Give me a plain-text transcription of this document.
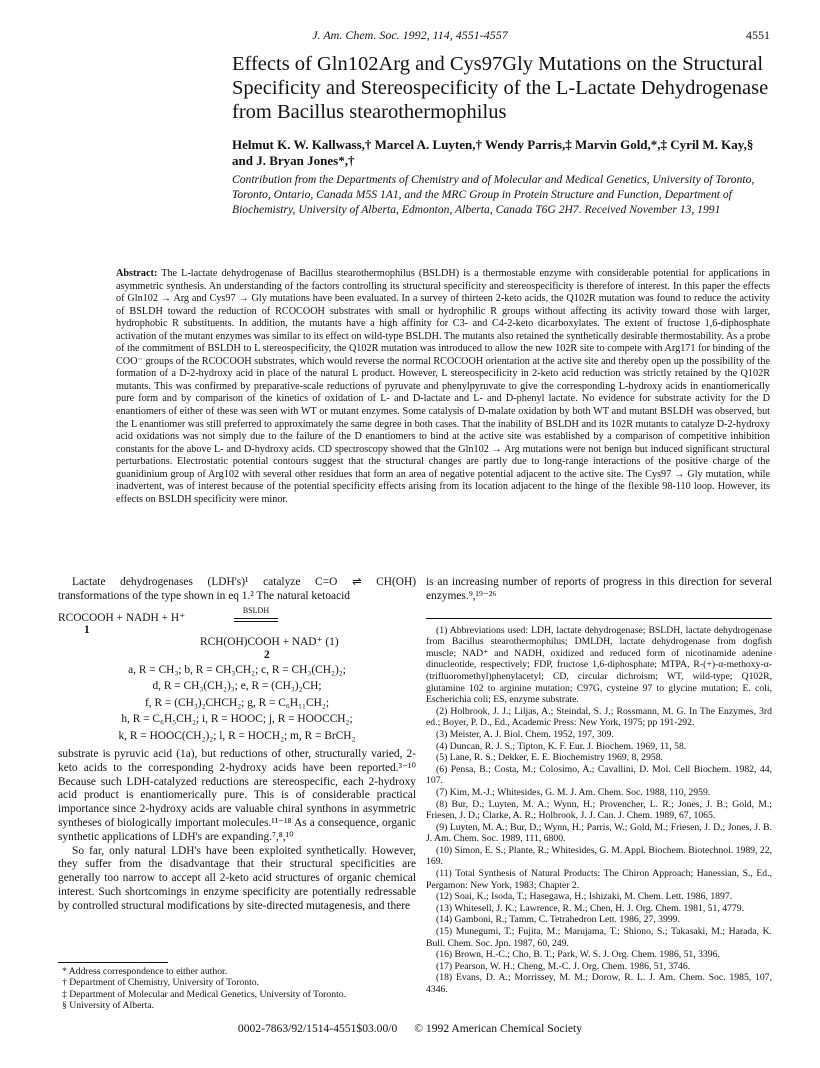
J. Am. Chem. Soc. 1992, 114, 4551-4557	4551
Effects of Gln102Arg and Cys97Gly Mutations on the Structural Specificity and Stereospecificity of the L-Lactate Dehydrogenase from Bacillus stearothermophilus
Helmut K. W. Kallwass,† Marcel A. Luyten,† Wendy Parris,‡ Marvin Gold,*,‡ Cyril M. Kay,§ and J. Bryan Jones*,†
Contribution from the Departments of Chemistry and of Molecular and Medical Genetics, University of Toronto, Toronto, Ontario, Canada M5S 1A1, and the MRC Group in Protein Structure and Function, Department of Biochemistry, University of Alberta, Edmonton, Alberta, Canada T6G 2H7. Received November 13, 1991

Abstract: The L-lactate dehydrogenase of Bacillus stearothermophilus (BSLDH) is a thermostable enzyme with considerable potential for applications in asymmetric synthesis. An understanding of the factors controlling its structural specificity and stereospecificity is therefore of interest. In this paper the effects of Gln102 → Arg and Cys97 → Gly mutations have been evaluated. In a survey of thirteen 2-keto acids, the Q102R mutation was found to reduce the activity of BSLDH toward the reduction of RCOCOOH substrates with small or hydrophilic R groups without affecting its activity toward those with larger, hydrophobic R substituents. In addition, the mutants have a high affinity for C3- and C4-2-keto dicarboxylates. The extent of fructose 1,6-diphosphate activation of the mutant enzymes was similar to its effect on wild-type BSLDH. The mutants also retained the synthetically desirable thermostability. As a probe of the commitment of BSLDH to L stereospecificity, the Q102R mutation was introduced to allow the new 102R site to compete with Arg171 for binding of the COO⁻ groups of the RCOCOOH substrates, which would reverse the normal RCOCOOH orientation at the active site and thereby open up the possibility of the formation of a D-2-hydroxy acid in place of the natural L product. However, L stereospecificity in 2-keto acid reduction was strictly retained by the Q102R mutants. This was confirmed by preparative-scale reductions of pyruvate and phenylpyruvate to give the corresponding L-hydroxy acids in enantiomerically pure form and by comparison of the kinetics of oxidation of L- and D-lactate and L- and D-phenyl lactate. No evidence for substrate activity for the D enantiomers of either of these was seen with WT or mutant enzymes. Some catalysis of D-malate oxidation by both WT and mutant BSLDH was observed, but the L enantiomer was still preferred to approximately the same degree in both cases. That the inability of BSLDH and its 102R mutants to catalyze D-2-hydroxy acid oxidations was not simply due to the failure of the D enantiomers to bind at the active site was established by a comparison of competitive inhibition constants for the above L- and D-hydroxy acids. CD spectroscopy showed that the Gln102 → Arg mutations were not benign but induced significant structural perturbations. Electrostatic potential contours suggest that the structural changes are partly due to long-range interactions of the positive charge of the guanidinium group of Arg102 with several other residues that form an area of negative potential adjacent to the active site. The Cys97 → Gly mutation, while inadvertent, was of interest because of the potential specificity effects arising from its location adjacent to the hinge of the flexible 98-110 loop. However, its effects on BSLDH specificity were minor.

Lactate dehydrogenases (LDH's)¹ catalyze C=O ⇌ CH(OH) transformations of the type shown in eq 1.² The natural ketoacid

RCOCOOH + NADH + H⁺
BSLDH
1
RCH(OH)COOH + NAD⁺ (1)
2
a, R = CH₃; b, R = CH₃CH₂; c, R = CH₃(CH₂)₂;
d, R = CH₃(CH₂)₃; e, R = (CH₃)₂CH;
f, R = (CH₃)₂CHCH₂; g, R = C₆H₁₁CH₂;
h, R = C₆H₅CH₂; i, R = HOOC; j, R = HOOCCH₂;
k, R = HOOC(CH₂)₂; l, R = HOCH₂; m, R = BrCH₂

substrate is pyruvic acid (1a), but reductions of other, structurally varied, 2-keto acids to the corresponding 2-hydroxy acids have been reported.³⁻¹⁰ Because such LDH-catalyzed reductions are stereospecific, each 2-hydroxy acid product is enantiomerically pure. This is of considerable practical importance since 2-hydroxy acids are valuable chiral synthons in asymmetric syntheses of biologically important molecules.¹¹⁻¹⁸ As a consequence, organic synthetic applications of LDH's are expanding.⁷,⁸,¹⁰

So far, only natural LDH's have been exploited synthetically. However, they suffer from the disadvantage that their structural specificities are generally too narrow to accept all 2-keto acid structures of organic chemical interest. Such shortcomings in enzyme specificity are potentially redressable by controlled structural modifications by site-directed mutagenesis, and there

is an increasing number of reports of progress in this direction for several enzymes.⁹,¹⁹⁻²⁶

(1) Abbreviations used: LDH, lactate dehydrogenase; BSLDH, lactate dehydrogenase from Bacillus stearothermophilus; DMLDH, lactate dehydrogenase from dogfish muscle; NAD⁺ and NADH, oxidized and reduced form of nicotinamide adenine dinucleotide, respectively; FDP, fructose 1,6-diphosphate; MTPA, R-(+)-α-methoxy-α-(trifluoromethyl)phenylacetyl; CD, circular dichroism; WT, wild-type; Q102R, glutamine 102 to arginine mutation; C97G, cysteine 97 to glycine mutation; E. coli, Escherichia coli; ES, enzyme substrate.
(2) Holbrook, J. J.; Liljas, A.; Steindal, S. J.; Rossmann, M. G. In The Enzymes, 3rd ed.; Boyer, P. D., Ed., Academic Press: New York, 1975; pp 191-292.
(3) Meister, A. J. Biol. Chem. 1952, 197, 309.
(4) Duncan, R. J. S.; Tipton, K. F. Eur. J. Biochem. 1969, 11, 58.
(5) Lane, R. S.; Dekker, E. E. Biochemistry 1969, 8, 2958.
(6) Pensa, B.; Costa, M.; Colosimo, A.; Cavallini, D. Mol. Cell Biochem. 1982, 44, 107.
(7) Kim, M.-J.; Whitesides, G. M. J. Am. Chem. Soc. 1988, 110, 2959.
(8) Bur, D.; Luyten, M. A.; Wynn, H.; Provencher, L. R.; Jones, J. B.; Gold, M.; Friesen, J. D.; Clarke, A. R.; Holbrook, J. J. Can. J. Chem. 1989, 67, 1065.
(9) Luyten, M. A.; Bur, D.; Wynn, H.; Parris, W.; Gold, M.; Friesen, J. D.; Jones, J. B. J. Am. Chem. Soc. 1989, 111, 6800.
(10) Simon, E. S.; Plante, R.; Whitesides, G. M. Appl. Biochem. Biotechnol. 1989, 22, 169.
(11) Total Synthesis of Natural Products: The Chiron Approach; Hanessian, S., Ed., Pergamon: New York, 1983; Chapter 2.
(12) Soai, K.; Isoda, T.; Hasegawa, H.; Ishizaki, M. Chem. Lett. 1986, 1897.
(13) Whitesell, J. K.; Lawrence, R. M.; Chen, H. J. Org. Chem. 1981, 51, 4779.
(14) Gamboni, R.; Tamm, C. Tetrahedron Lett. 1986, 27, 3999.
(15) Munegumi, T.; Fujita, M.; Marujama, T.; Shiono, S.; Takasaki, M.; Harada, K. Bull. Chem. Soc. Jpn. 1987, 60, 249.
(16) Brown, H.-C.; Cho, B. T.; Park, W. S. J. Org. Chem. 1986, 51, 3396.
(17) Pearson, W. H.; Cheng, M.-C. J. Org. Chem. 1986, 51, 3746.
(18) Evans, D. A.; Morrissey, M. M.; Dorow, R. L. J. Am. Chem. Soc. 1985, 107, 4346.
* Address correspondence to either author.
† Department of Chemistry, University of Toronto.
‡ Department of Molecular and Medical Genetics, University of Toronto.
§ University of Alberta.
0002-7863/92/1514-4551$03.00/0 © 1992 American Chemical Society
